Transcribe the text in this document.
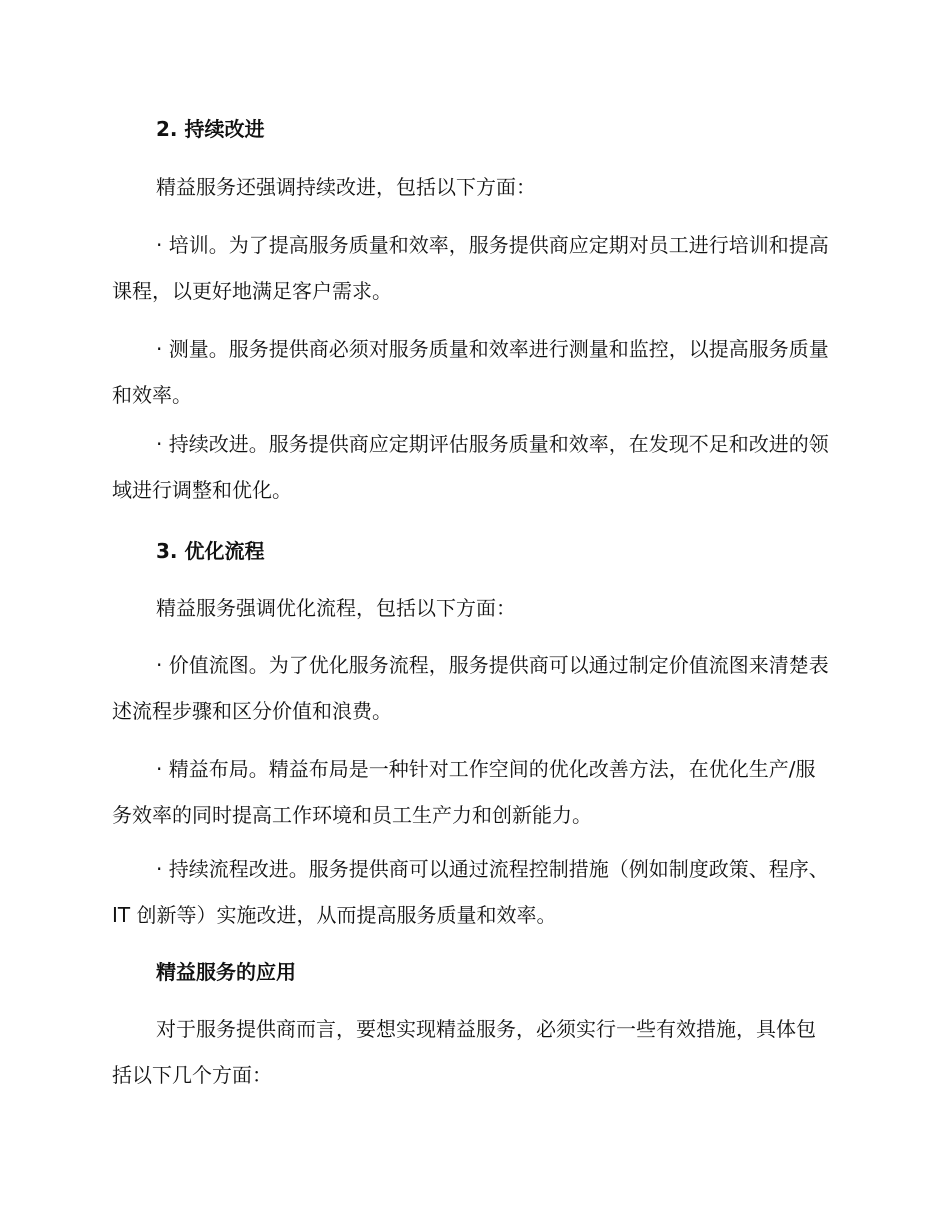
2. 持续改进

精益服务还强调持续改进，包括以下方面：

· 培训。为了提高服务质量和效率，服务提供商应定期对员工进行培训和提高课程，以更好地满足客户需求。

· 测量。服务提供商必须对服务质量和效率进行测量和监控，以提高服务质量和效率。

· 持续改进。服务提供商应定期评估服务质量和效率，在发现不足和改进的领域进行调整和优化。

3. 优化流程

精益服务强调优化流程，包括以下方面：

· 价值流图。为了优化服务流程，服务提供商可以通过制定价值流图来清楚表述流程步骤和区分价值和浪费。

· 精益布局。精益布局是一种针对工作空间的优化改善方法，在优化生产/服务效率的同时提高工作环境和员工生产力和创新能力。

· 持续流程改进。服务提供商可以通过流程控制措施（例如制度政策、程序、IT 创新等）实施改进，从而提高服务质量和效率。

精益服务的应用

对于服务提供商而言，要想实现精益服务，必须实行一些有效措施，具体包括以下几个方面：
